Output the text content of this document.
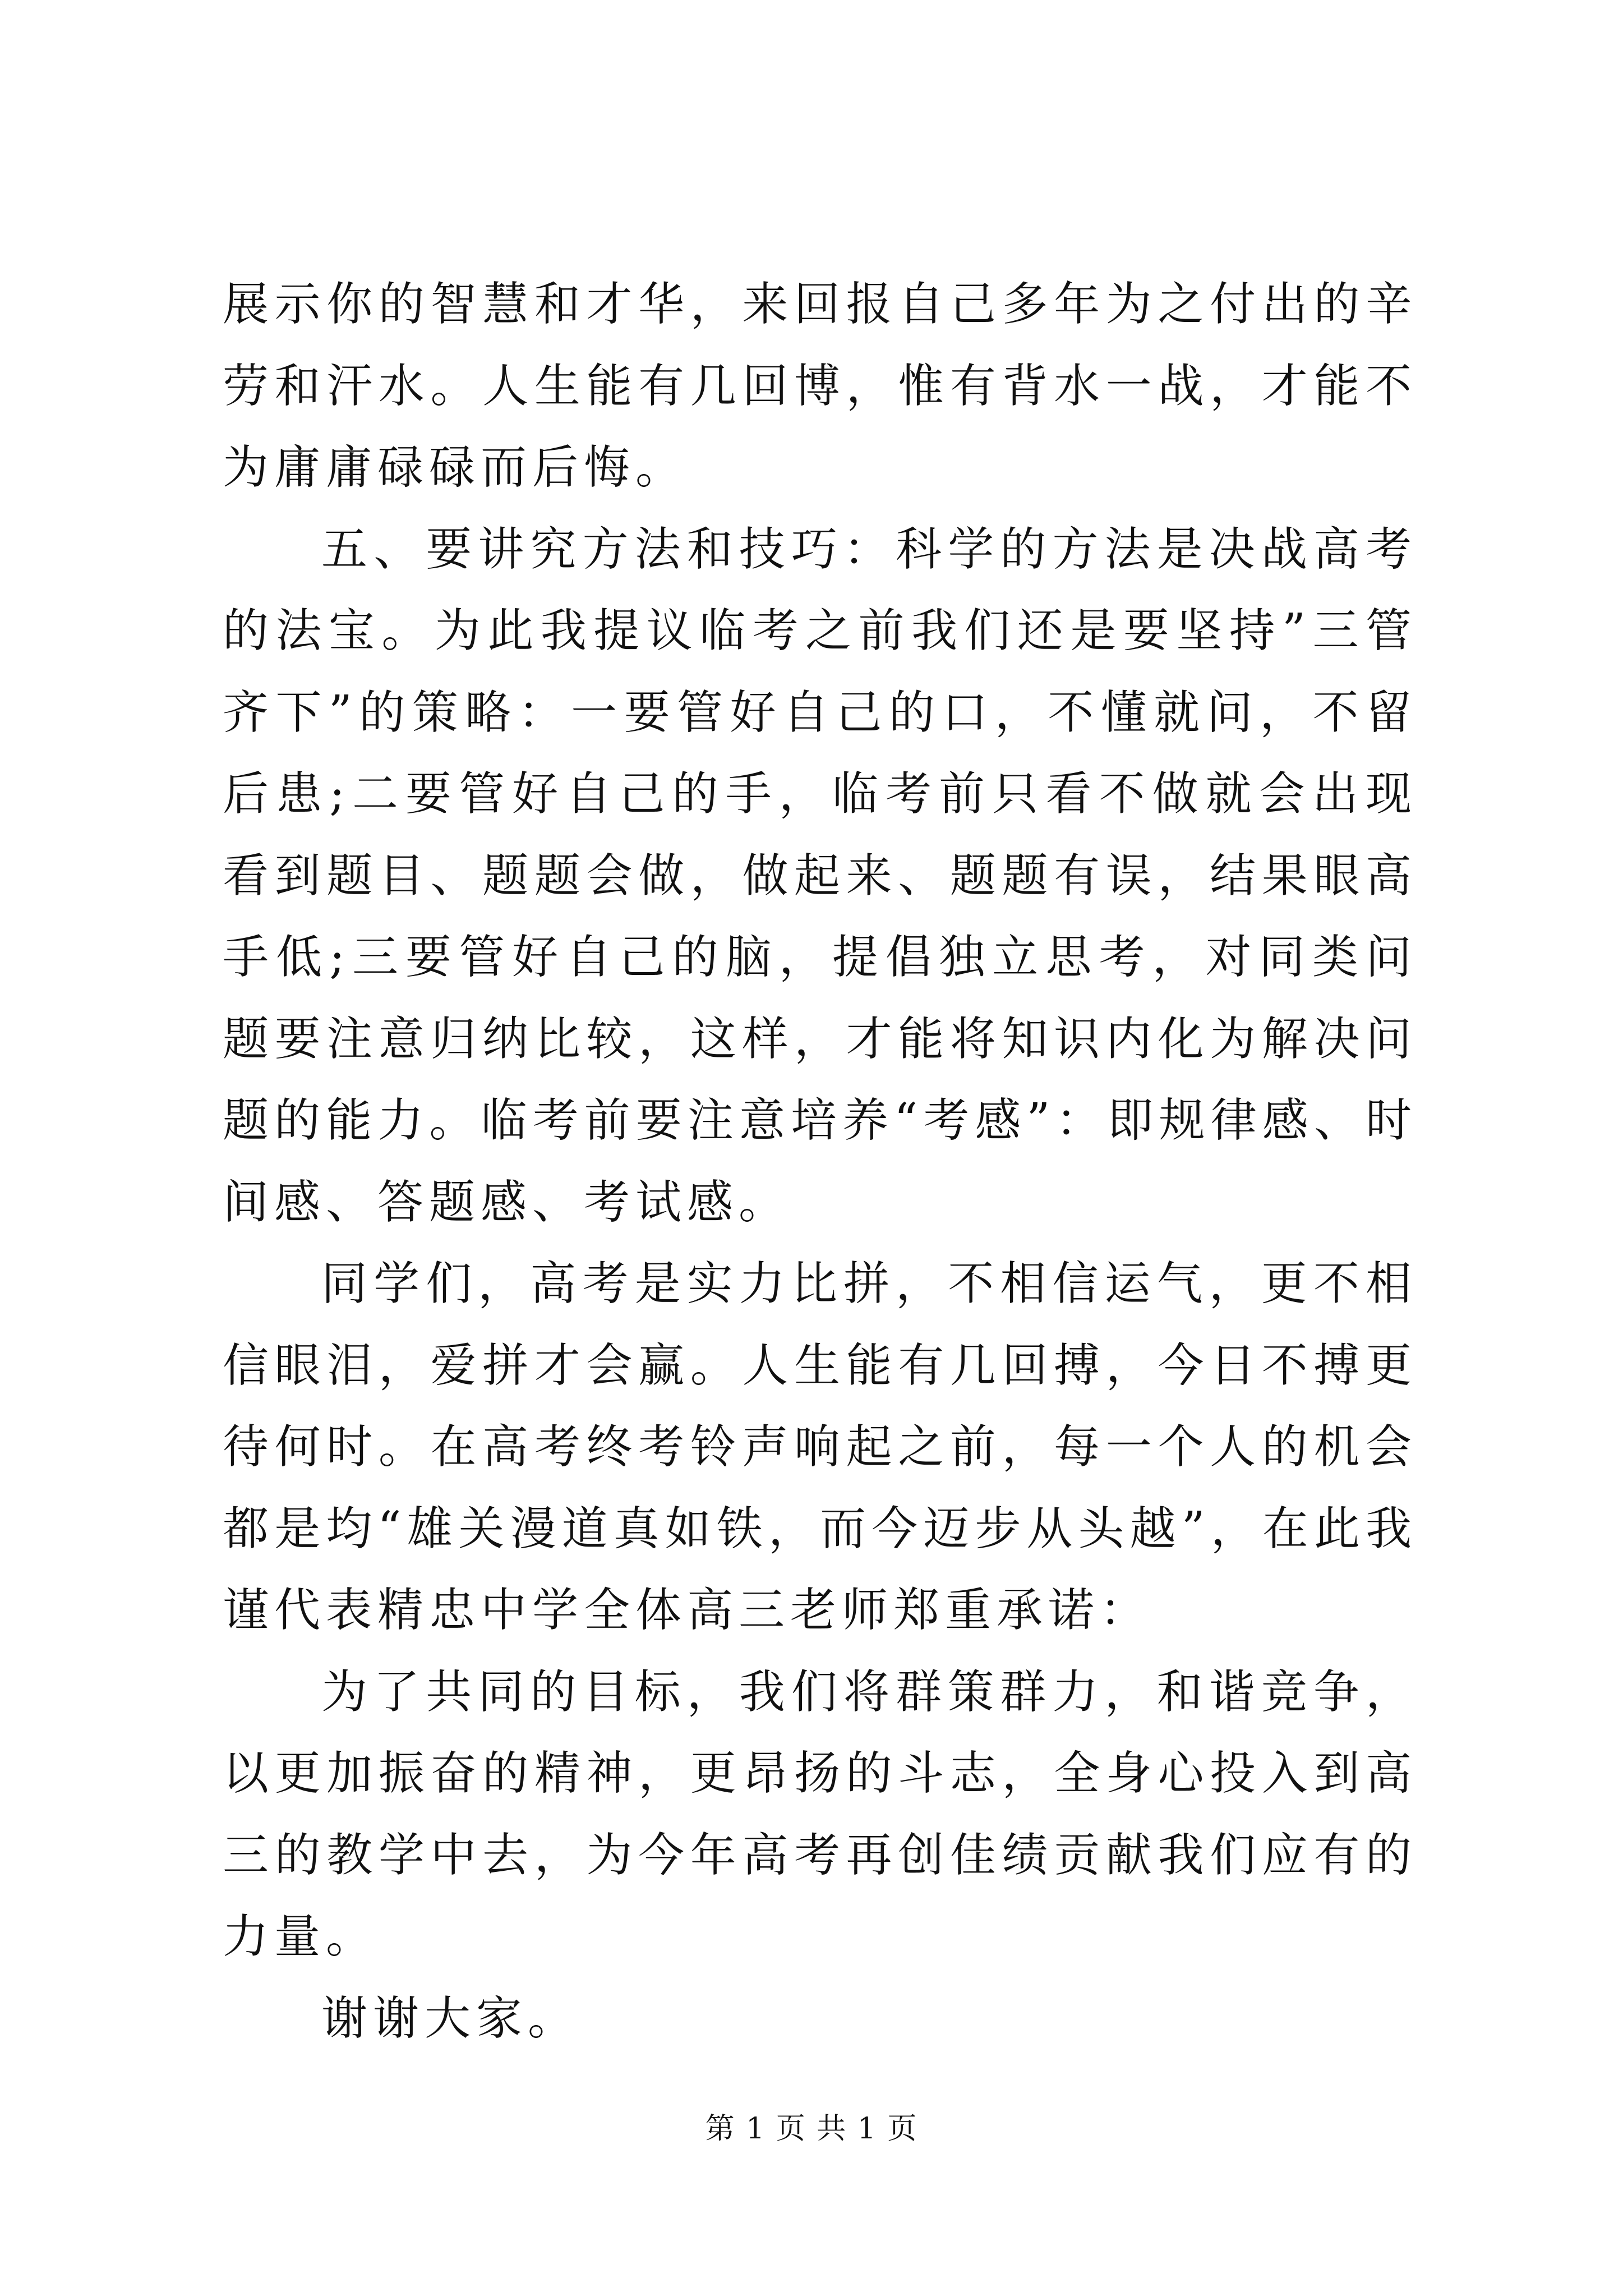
展示你的智慧和才华，来回报自己多年为之付出的辛劳和汗水。人生能有几回博，惟有背水一战，才能不为庸庸碌碌而后悔。

五、要讲究方法和技巧：科学的方法是决战高考的法宝。为此我提议临考之前我们还是要坚持”三管齐下”的策略：一要管好自己的口，不懂就问，不留后患;二要管好自己的手，临考前只看不做就会出现看到题目、题题会做，做起来、题题有误，结果眼高手低;三要管好自己的脑，提倡独立思考，对同类问题要注意归纳比较，这样，才能将知识内化为解决问题的能力。临考前要注意培养“考感”：即规律感、时间感、答题感、考试感。

同学们，高考是实力比拼，不相信运气，更不相信眼泪，爱拼才会赢。人生能有几回搏，今日不搏更待何时。在高考终考铃声响起之前，每一个人的机会都是均“雄关漫道真如铁，而今迈步从头越”，在此我谨代表精忠中学全体高三老师郑重承诺：

为了共同的目标，我们将群策群力，和谐竞争，以更加振奋的精神，更昂扬的斗志，全身心投入到高三的教学中去，为今年高考再创佳绩贡献我们应有的力量。

谢谢大家。

第 1 页 共 1 页
